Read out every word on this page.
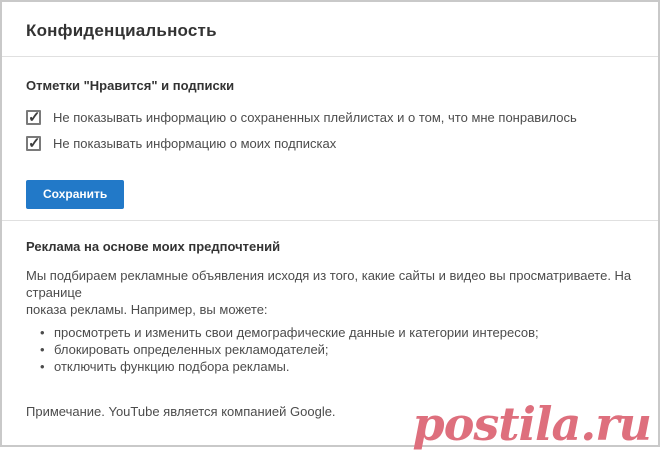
Конфиденциальность
Отметки "Нравится" и подписки
✓
Не показывать информацию о сохраненных плейлистах и о том, что мне понравилось
✓
Не показывать информацию о моих подписках
Сохранить
Реклама на основе моих предпочтений
Мы подбираем рекламные объявления исходя из того, какие сайты и видео вы просматриваете. На странице
показа рекламы. Например, вы можете:
• просмотреть и изменить свои демографические данные и категории интересов;
• блокировать определенных рекламодателей;
• отключить функцию подбора рекламы.
Примечание. YouTube является компанией Google.	postila.ru
